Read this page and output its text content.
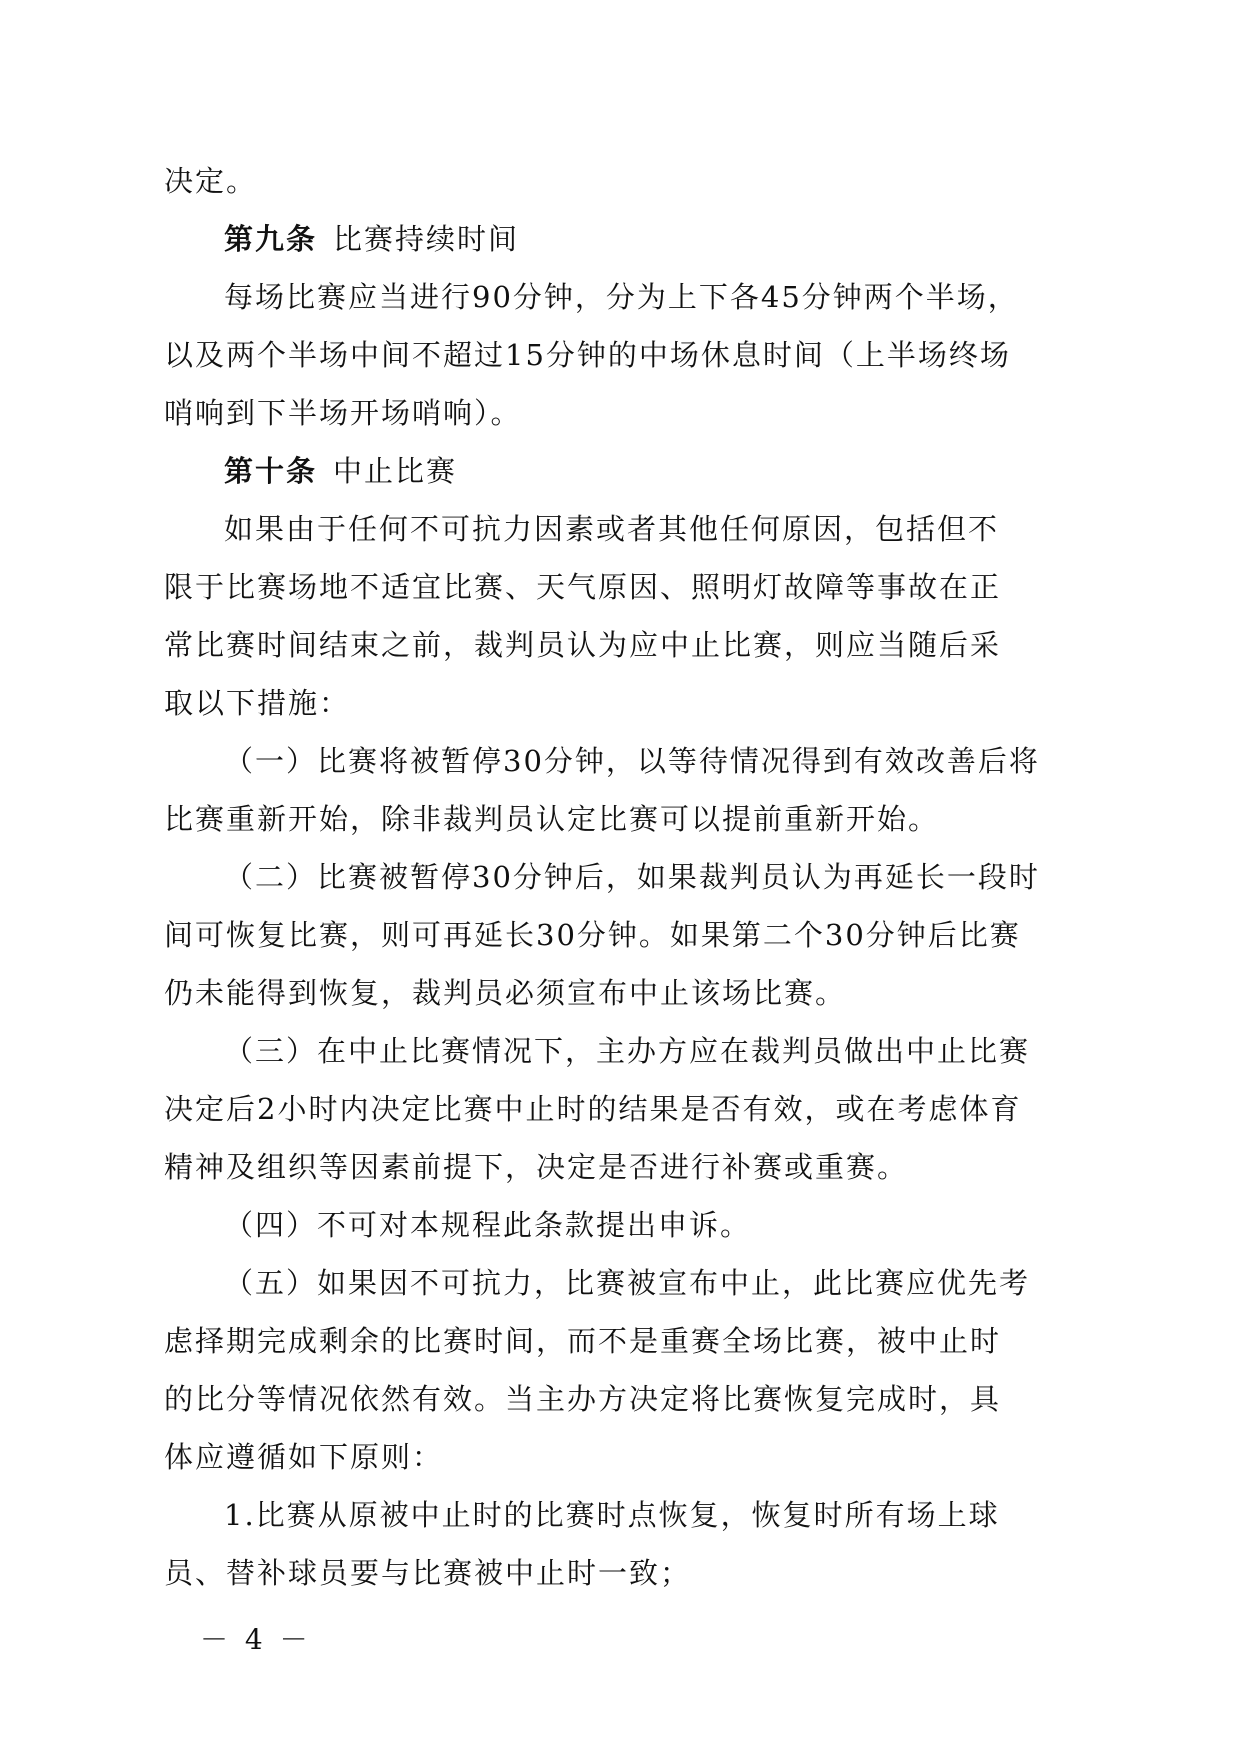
决定。
第九条 比赛持续时间
每场比赛应当进行90分钟，分为上下各45分钟两个半场，
以及两个半场中间不超过15分钟的中场休息时间（上半场终场
哨响到下半场开场哨响）。
第十条 中止比赛
如果由于任何不可抗力因素或者其他任何原因，包括但不
限于比赛场地不适宜比赛、天气原因、照明灯故障等事故在正
常比赛时间结束之前，裁判员认为应中止比赛，则应当随后采
取以下措施：
（一）比赛将被暂停30分钟，以等待情况得到有效改善后将
比赛重新开始，除非裁判员认定比赛可以提前重新开始。
（二）比赛被暂停30分钟后，如果裁判员认为再延长一段时
间可恢复比赛，则可再延长30分钟。如果第二个30分钟后比赛
仍未能得到恢复，裁判员必须宣布中止该场比赛。
（三）在中止比赛情况下，主办方应在裁判员做出中止比赛
决定后2小时内决定比赛中止时的结果是否有效，或在考虑体育
精神及组织等因素前提下，决定是否进行补赛或重赛。
（四）不可对本规程此条款提出申诉。
（五）如果因不可抗力，比赛被宣布中止，此比赛应优先考
虑择期完成剩余的比赛时间，而不是重赛全场比赛，被中止时
的比分等情况依然有效。当主办方决定将比赛恢复完成时，具
体应遵循如下原则：
1.比赛从原被中止时的比赛时点恢复，恢复时所有场上球
员、替补球员要与比赛被中止时一致；
－ 4 －
